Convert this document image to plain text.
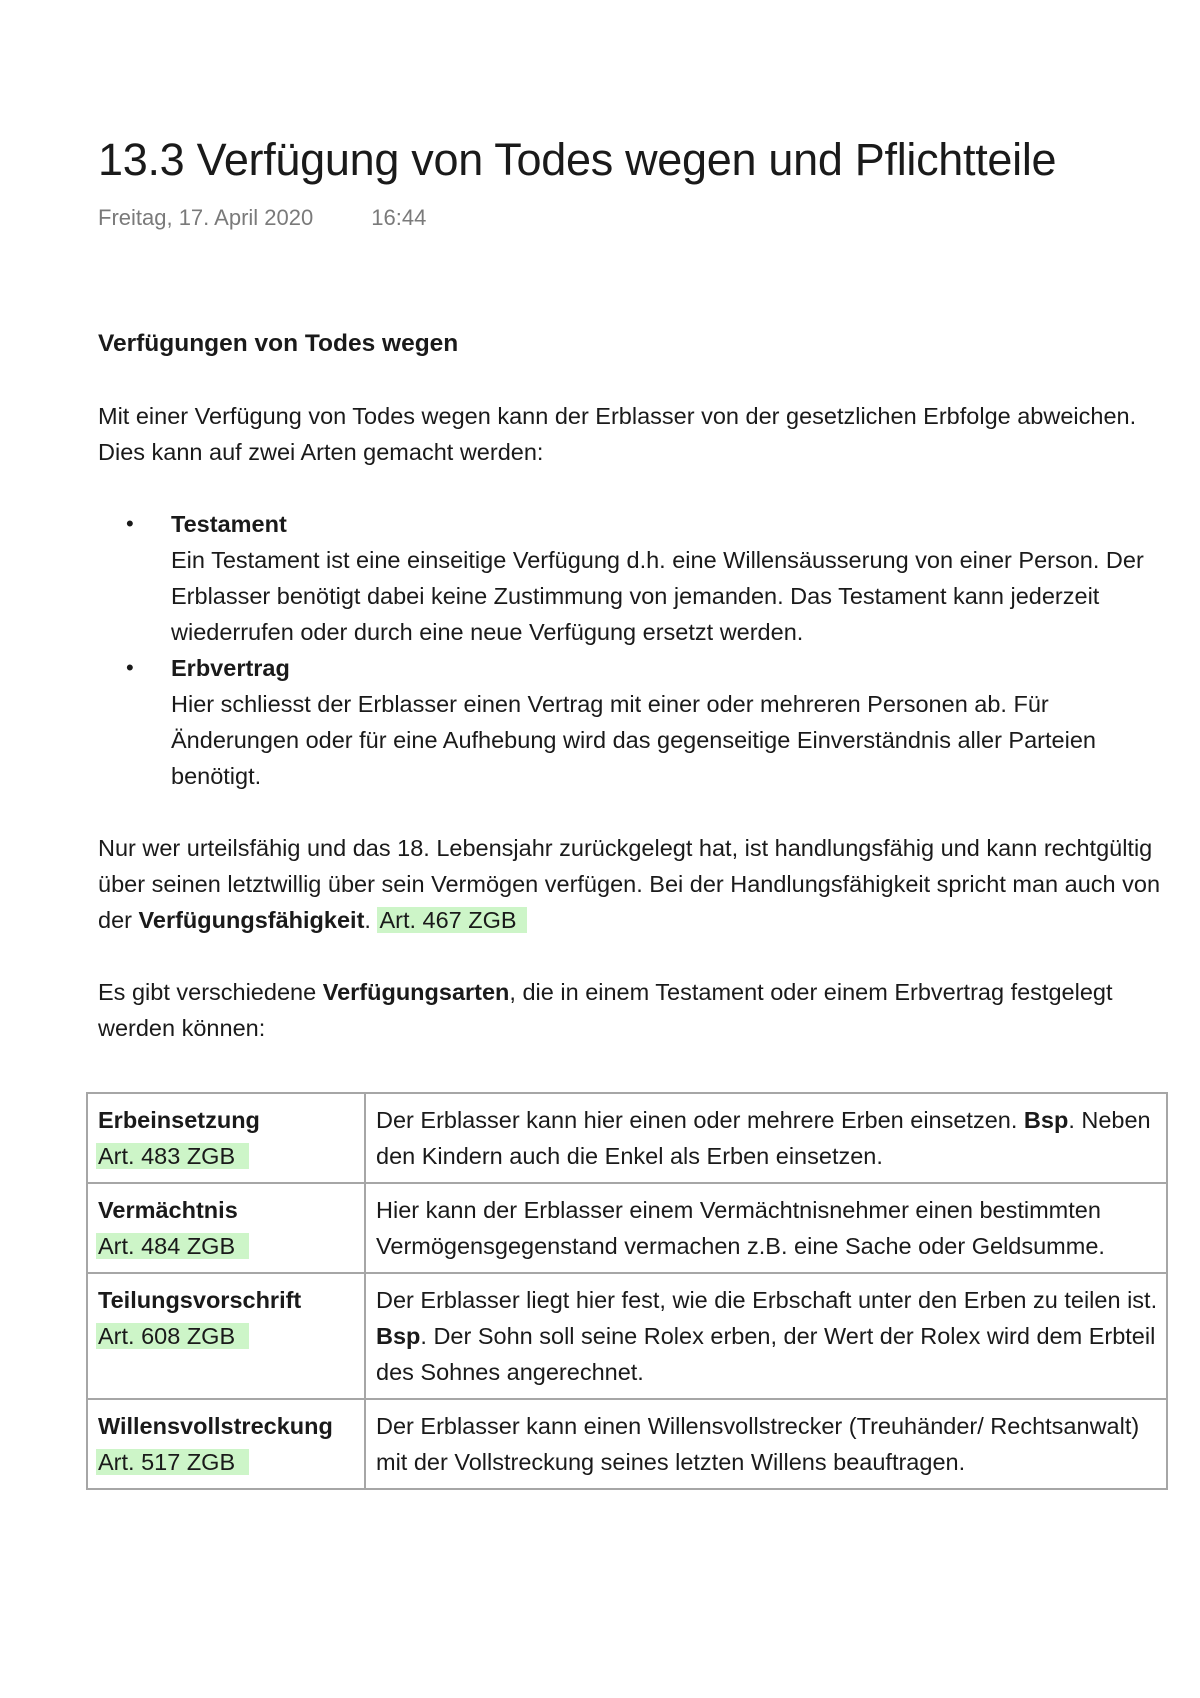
13.3 Verfügung von Todes wegen und Pflichtteile
Freitag, 17. April 2020	16:44
Verfügungen von Todes wegen

Mit einer Verfügung von Todes wegen kann der Erblasser von der gesetzlichen Erbfolge abweichen. Dies kann auf zwei Arten gemacht werden:

• Testament
Ein Testament ist eine einseitige Verfügung d.h. eine Willensäusserung von einer Person. Der Erblasser benötigt dabei keine Zustimmung von jemanden. Das Testament kann jederzeit wiederrufen oder durch eine neue Verfügung ersetzt werden.
• Erbvertrag
Hier schliesst der Erblasser einen Vertrag mit einer oder mehreren Personen ab. Für Änderungen oder für eine Aufhebung wird das gegenseitige Einverständnis aller Parteien benötigt.

Nur wer urteilsfähig und das 18. Lebensjahr zurückgelegt hat, ist handlungsfähig und kann rechtgültig über seinen letztwillig über sein Vermögen verfügen. Bei der Handlungsfähigkeit spricht man auch von der Verfügungsfähigkeit. Art. 467 ZGB

Es gibt verschiedene Verfügungsarten, die in einem Testament oder einem Erbvertrag festgelegt werden können:

Erbeinsetzung
Art. 483 ZGB	Der Erblasser kann hier einen oder mehrere Erben einsetzen. Bsp. Neben den Kindern auch die Enkel als Erben einsetzen.

Vermächtnis
Art. 484 ZGB	Hier kann der Erblasser einem Vermächtnisnehmer einen bestimmten Vermögensgegenstand vermachen z.B. eine Sache oder Geldsumme.

Teilungsvorschrift
Art. 608 ZGB	Der Erblasser liegt hier fest, wie die Erbschaft unter den Erben zu teilen ist. Bsp. Der Sohn soll seine Rolex erben, der Wert der Rolex wird dem Erbteil des Sohnes angerechnet.

Willensvollstreckung
Art. 517 ZGB	Der Erblasser kann einen Willensvollstrecker (Treuhänder/ Rechtsanwalt) mit der Vollstreckung seines letzten Willens beauftragen.
